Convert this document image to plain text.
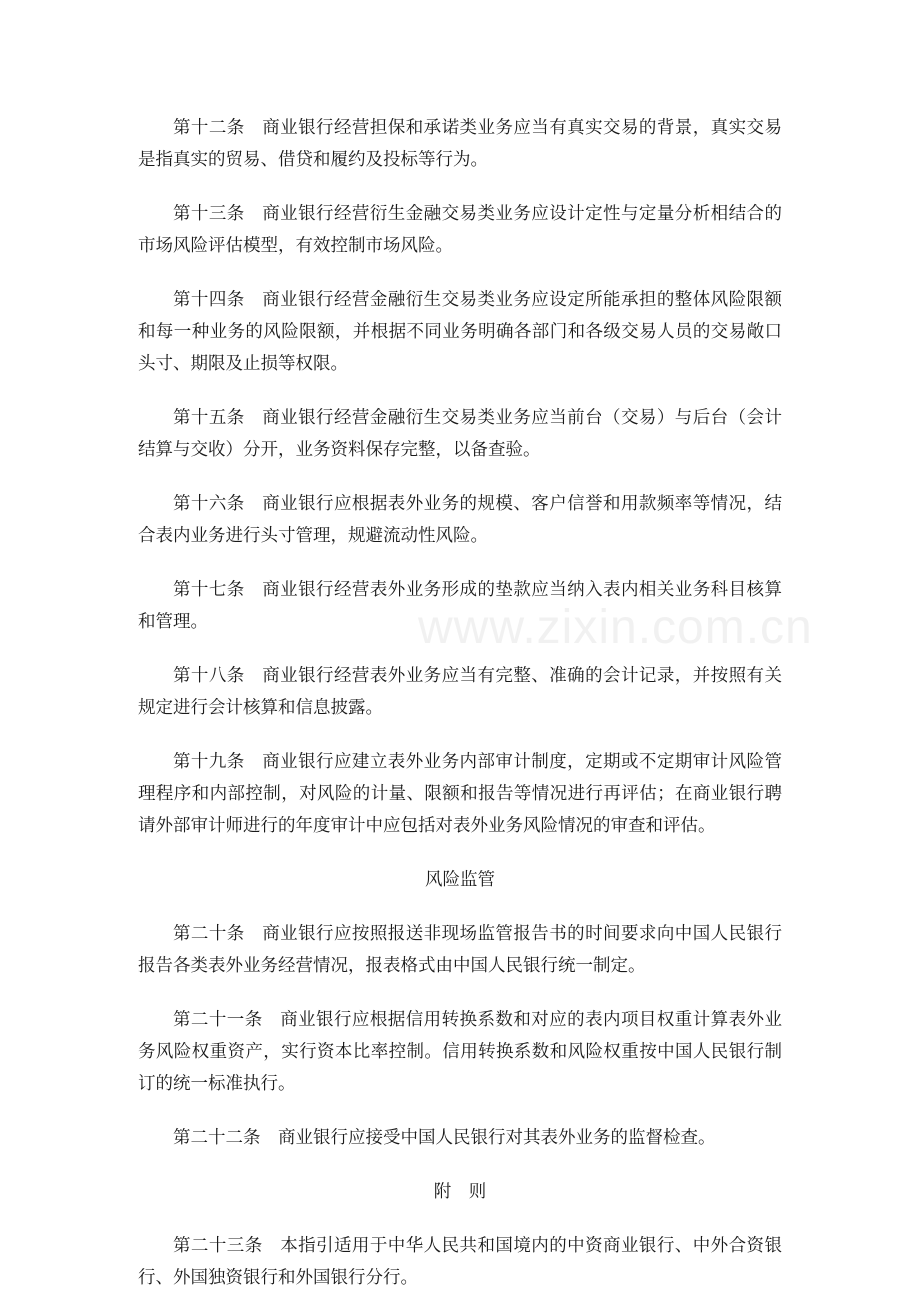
第十二条 商业银行经营担保和承诺类业务应当有真实交易的背景，真实交易是指真实的贸易、借贷和履约及投标等行为。

第十三条 商业银行经营衍生金融交易类业务应设计定性与定量分析相结合的市场风险评估模型，有效控制市场风险。

第十四条 商业银行经营金融衍生交易类业务应设定所能承担的整体风险限额和每一种业务的风险限额，并根据不同业务明确各部门和各级交易人员的交易敞口头寸、期限及止损等权限。

第十五条 商业银行经营金融衍生交易类业务应当前台（交易）与后台（会计结算与交收）分开，业务资料保存完整，以备查验。

第十六条 商业银行应根据表外业务的规模、客户信誉和用款频率等情况，结合表内业务进行头寸管理，规避流动性风险。

第十七条 商业银行经营表外业务形成的垫款应当纳入表内相关业务科目核算和管理。

第十八条 商业银行经营表外业务应当有完整、准确的会计记录，并按照有关规定进行会计核算和信息披露。

第十九条 商业银行应建立表外业务内部审计制度，定期或不定期审计风险管理程序和内部控制，对风险的计量、限额和报告等情况进行再评估；在商业银行聘请外部审计师进行的年度审计中应包括对表外业务风险情况的审查和评估。

风险监管

第二十条 商业银行应按照报送非现场监管报告书的时间要求向中国人民银行报告各类表外业务经营情况，报表格式由中国人民银行统一制定。

第二十一条 商业银行应根据信用转换系数和对应的表内项目权重计算表外业务风险权重资产，实行资本比率控制。信用转换系数和风险权重按中国人民银行制订的统一标准执行。

第二十二条 商业银行应接受中国人民银行对其表外业务的监督检查。

附　则

第二十三条 本指引适用于中华人民共和国境内的中资商业银行、中外合资银行、外国独资银行和外国银行分行。

www.zixin.com.cn
